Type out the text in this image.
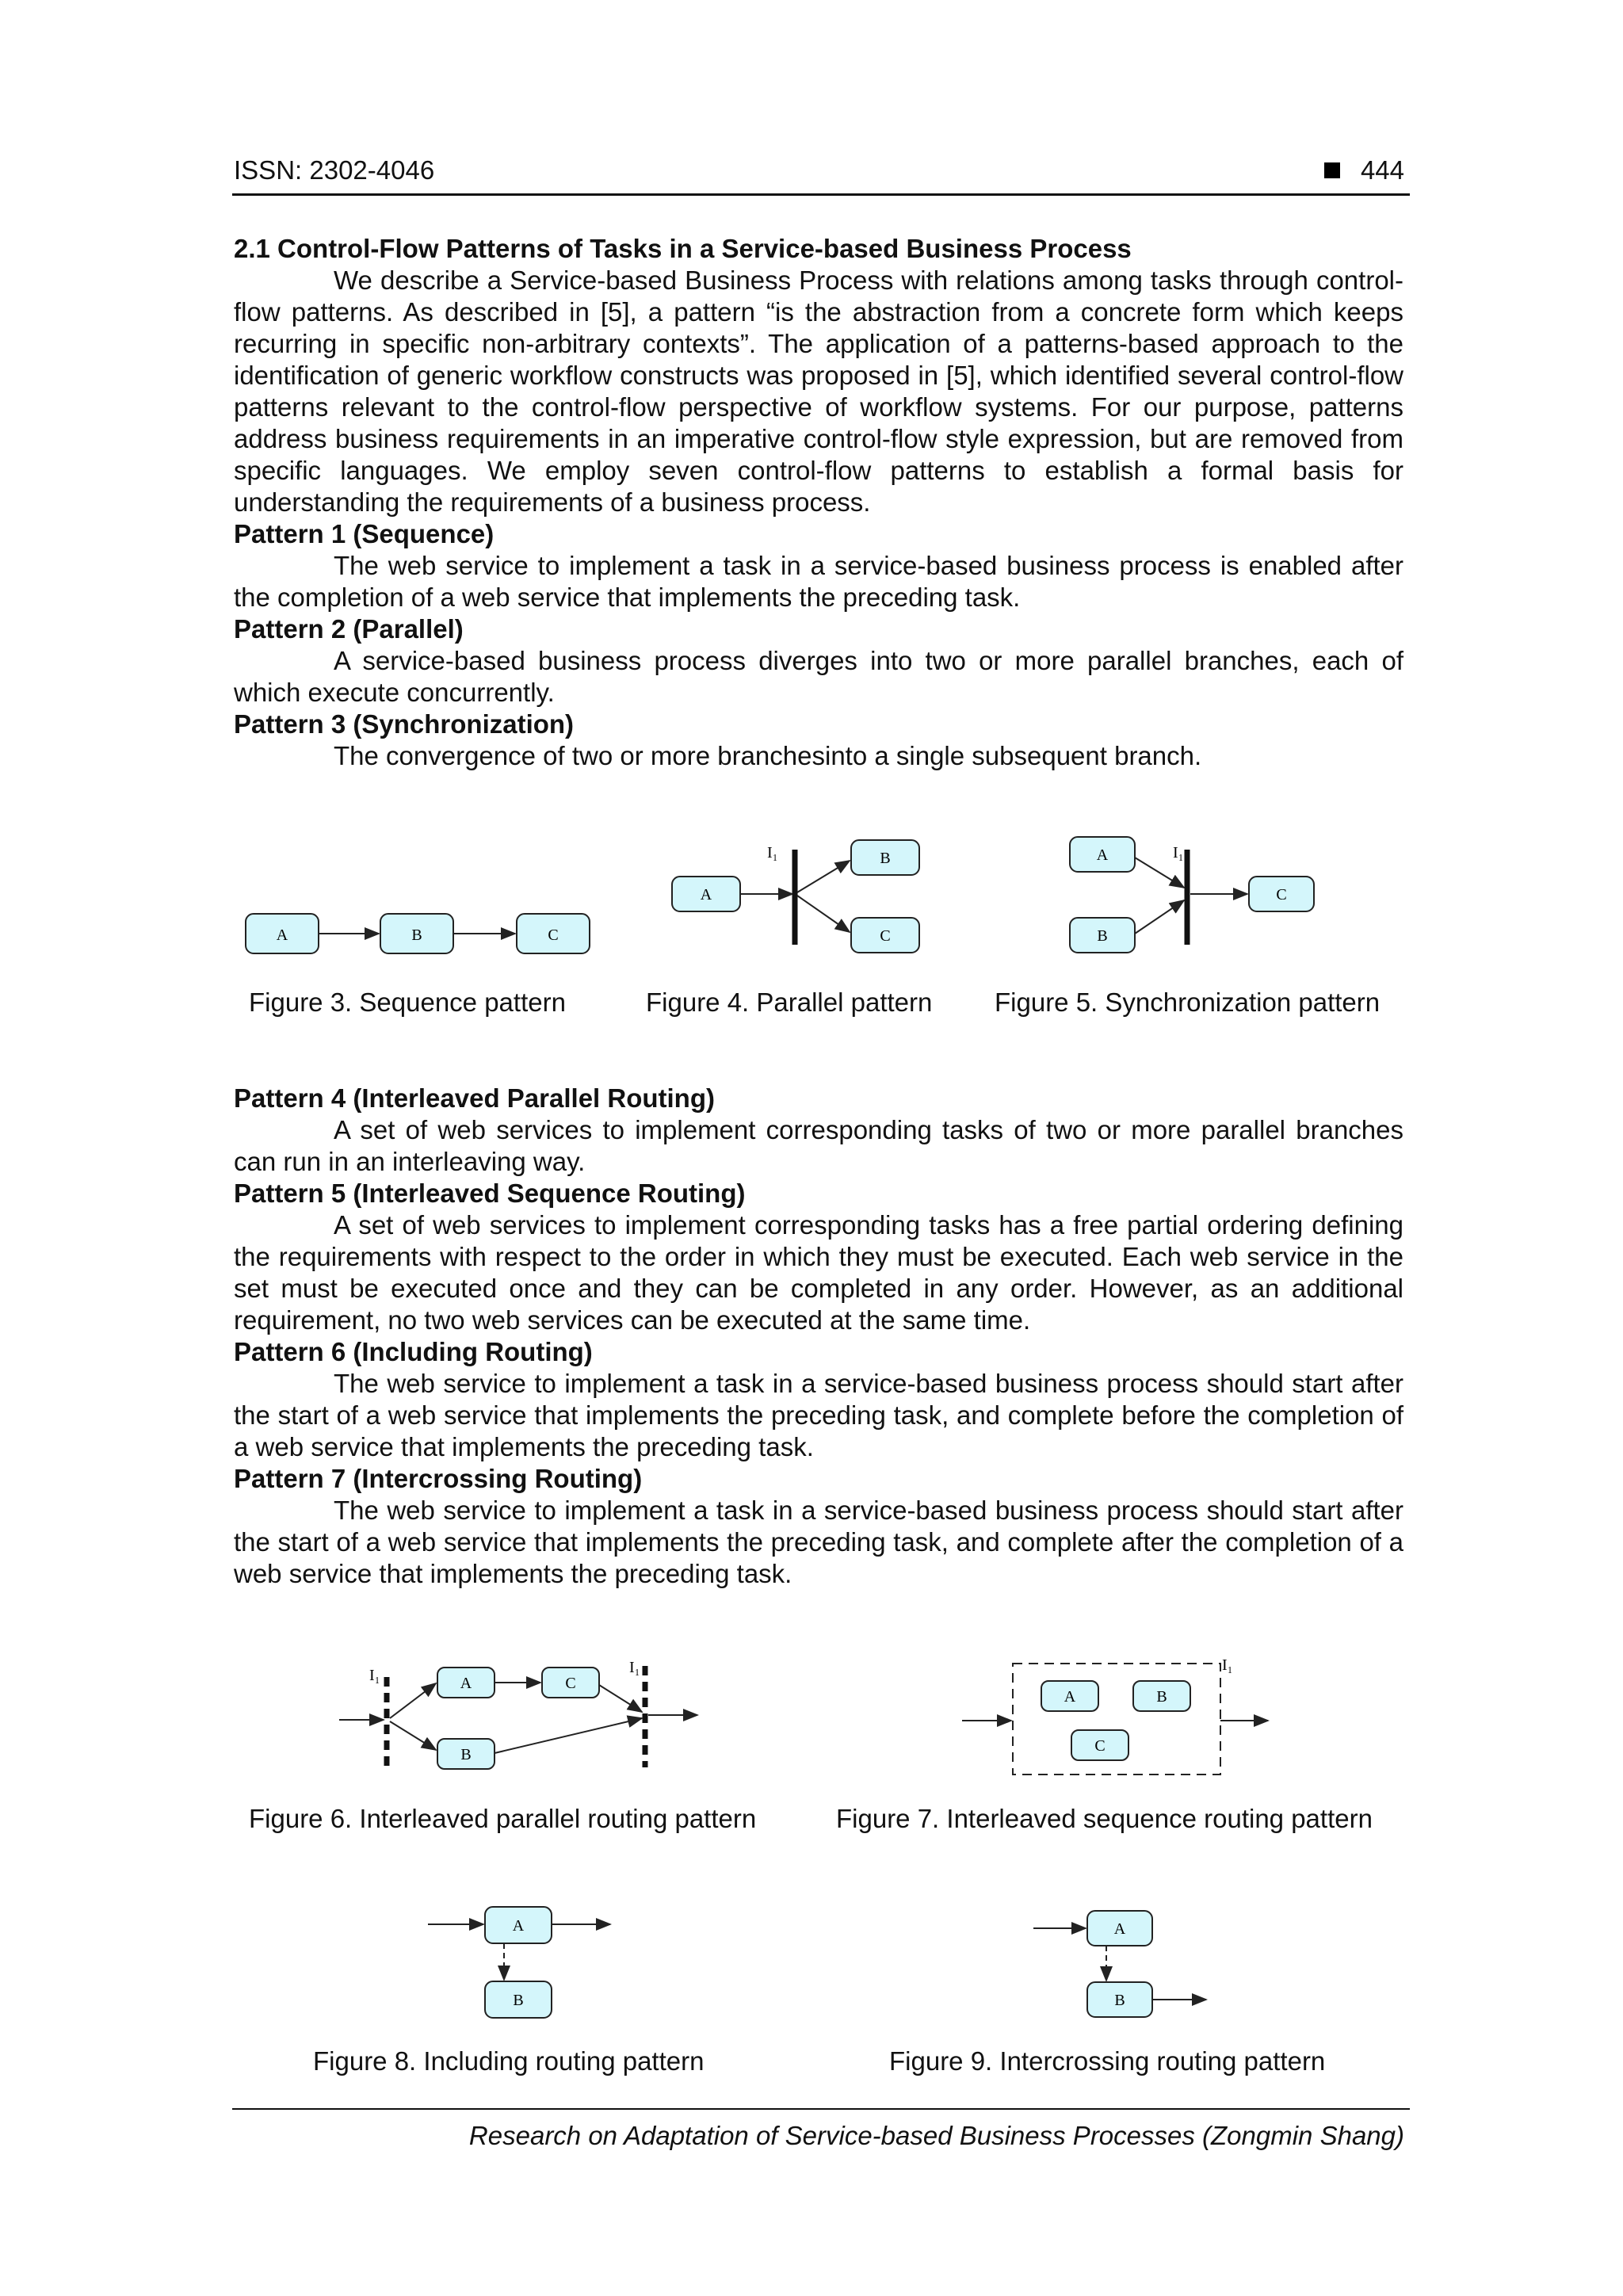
ISSN: 2302-4046	444
2.1 Control-Flow Patterns of Tasks in a Service-based Business Process

We describe a Service-based Business Process with relations among tasks through control-flow patterns. As described in [5], a pattern “is the abstraction from a concrete form which keeps recurring in specific non-arbitrary contexts”. The application of a patterns-based approach to the identification of generic workflow constructs was proposed in [5], which identified several control-flow patterns relevant to the control-flow perspective of workflow systems. For our purpose, patterns address business requirements in an imperative control-flow style expression, but are removed from specific languages. We employ seven control-flow patterns to establish a formal basis for understanding the requirements of a business process.

Pattern 1 (Sequence)

The web service to implement a task in a service-based business process is enabled after the completion of a web service that implements the preceding task.

Pattern 2 (Parallel)

A service-based business process diverges into two or more parallel branches, each of which execute concurrently.

Pattern 3 (Synchronization)

The convergence of two or more branchesinto a single subsequent branch.

A	B	C
A
I₁	B
C
A
B
I₁
C
Figure 3. Sequence pattern	Figure 4. Parallel pattern Figure 5. Synchronization pattern
Pattern 4 (Interleaved Parallel Routing)

A set of web services to implement corresponding tasks of two or more parallel branches can run in an interleaving way.

Pattern 5 (Interleaved Sequence Routing)

A set of web services to implement corresponding tasks has a free partial ordering defining the requirements with respect to the order in which they must be executed. Each web service in the set must be executed once and they can be completed in any order. However, as an additional requirement, no two web services can be executed at the same time.

Pattern 6 (Including Routing)

The web service to implement a task in a service-based business process should start after the start of a web service that implements the preceding task, and complete before the completion of a web service that implements the preceding task.

Pattern 7 (Intercrossing Routing)

The web service to implement a task in a service-based business process should start after the start of a web service that implements the preceding task, and complete after the completion of a web service that implements the preceding task.

I₁	A	C
B
I₁	I₁
A	B
C
Figure 6. Interleaved parallel routing pattern	Figure 7. Interleaved sequence routing pattern
A
B
A
B
Figure 8. Including routing pattern	Figure 9. Intercrossing routing pattern
Research on Adaptation of Service-based Business Processes (Zongmin Shang)
